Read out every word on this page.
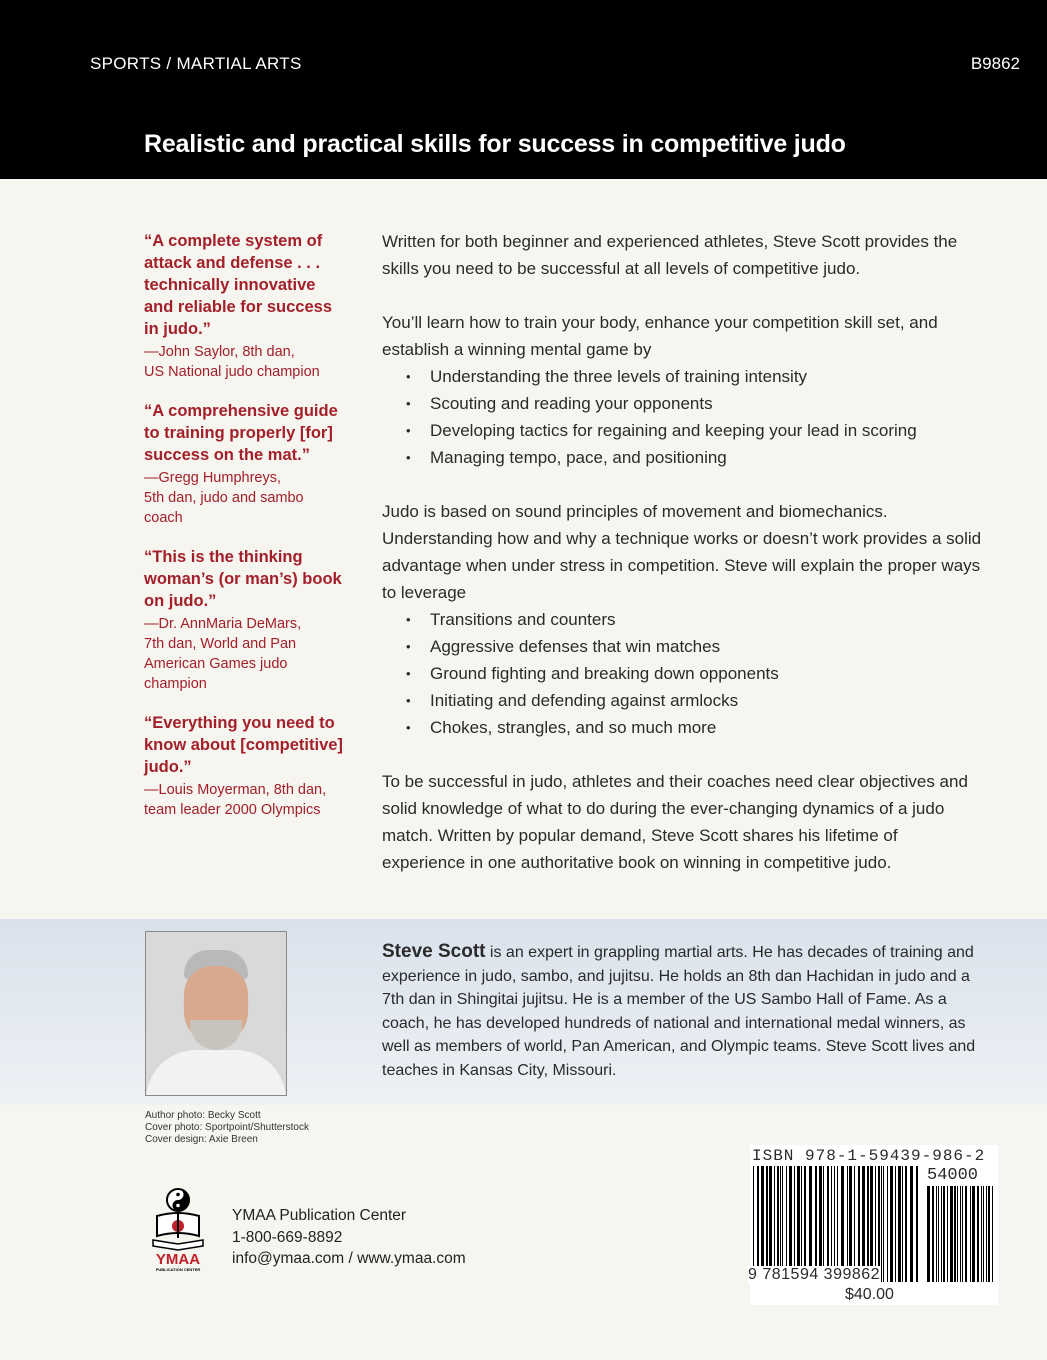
SPORTS / MARTIAL ARTS	B9862
Realistic and practical skills for success in competitive judo
“A complete system of attack and defense . . . technically innovative and reliable for success in judo.”
—John Saylor, 8th dan,
US National judo champion
“A comprehensive guide to training properly [for] success on the mat.”
—Gregg Humphreys,
5th dan, judo and sambo coach
“This is the thinking woman’s (or man’s) book on judo.”
—Dr. AnnMaria DeMars,
7th dan, World and Pan American Games judo champion
“Everything you need to know about [competitive] judo.”
—Louis Moyerman, 8th dan,
team leader 2000 Olympics

Written for both beginner and experienced athletes, Steve Scott provides the skills you need to be successful at all levels of competitive judo.

You’ll learn how to train your body, enhance your competition skill set, and establish a winning mental game by

• Understanding the three levels of training intensity
• Scouting and reading your opponents
• Developing tactics for regaining and keeping your lead in scoring
• Managing tempo, pace, and positioning

Judo is based on sound principles of movement and biomechanics. Understanding how and why a technique works or doesn’t work provides a solid advantage when under stress in competition. Steve will explain the proper ways to leverage

• Transitions and counters
• Aggressive defenses that win matches
• Ground fighting and breaking down opponents
• Initiating and defending against armlocks
• Chokes, strangles, and so much more

To be successful in judo, athletes and their coaches need clear objectives and solid knowledge of what to do during the ever-changing dynamics of a judo match. Written by popular demand, Steve Scott shares his lifetime of experience in one authoritative book on winning in competitive judo.

Steve Scott is an expert in grappling martial arts. He has decades of training and experience in judo, sambo, and jujitsu. He holds an 8th dan Hachidan in judo and a 7th dan in Shingitai jujitsu. He is a member of the US Sambo Hall of Fame. As a coach, he has developed hundreds of national and international medal winners, as well as members of world, Pan American, and Olympic teams. Steve Scott lives and teaches in Kansas City, Missouri.
Author photo: Becky Scott
Cover photo: Sportpoint/Shutterstock
Cover design: Axie Breen
YMAA
PUBLICATION CENTER
YMAA Publication Center
1-800-669-8892
info@ymaa.com / www.ymaa.com
ISBN 978-1-59439-986-2
54000
9 781594 399862
$40.00
